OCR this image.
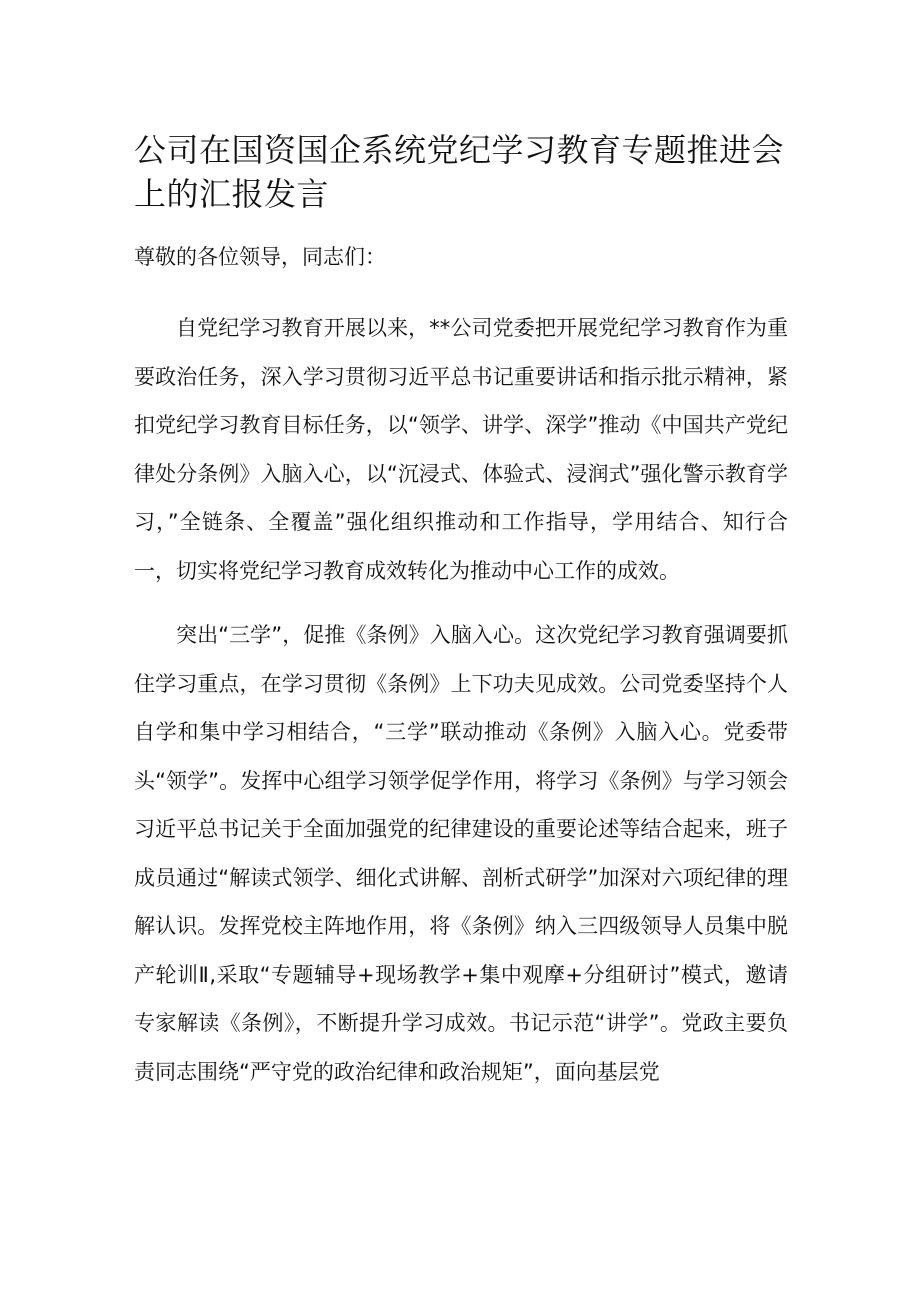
公司在国资国企系统党纪学习教育专题推进会上的汇报发言

尊敬的各位领导，同志们：

自党纪学习教育开展以来，**公司党委把开展党纪学习教育作为重要政治任务，深入学习贯彻习近平总书记重要讲话和指示批示精神，紧扣党纪学习教育目标任务，以“领学、讲学、深学”推动《中国共产党纪律处分条例》入脑入心，以“沉浸式、体验式、浸润式”强化警示教育学习，”全链条、全覆盖”强化组织推动和工作指导，学用结合、知行合一，切实将党纪学习教育成效转化为推动中心工作的成效。

突出“三学”，促推《条例》入脑入心。这次党纪学习教育强调要抓住学习重点，在学习贯彻《条例》上下功夫见成效。公司党委坚持个人自学和集中学习相结合，“三学”联动推动《条例》入脑入心。党委带头“领学”。发挥中心组学习领学促学作用，将学习《条例》与学习领会习近平总书记关于全面加强党的纪律建设的重要论述等结合起来，班子成员通过“解读式领学、细化式讲解、剖析式研学”加深对六项纪律的理解认识。发挥党校主阵地作用，将《条例》纳入三四级领导人员集中脱产轮训Ⅱ,采取“专题辅导+现场教学+集中观摩+分组研讨”模式，邀请专家解读《条例》，不断提升学习成效。书记示范“讲学”。党政主要负责同志围绕“严守党的政治纪律和政治规矩”，面向基层党
